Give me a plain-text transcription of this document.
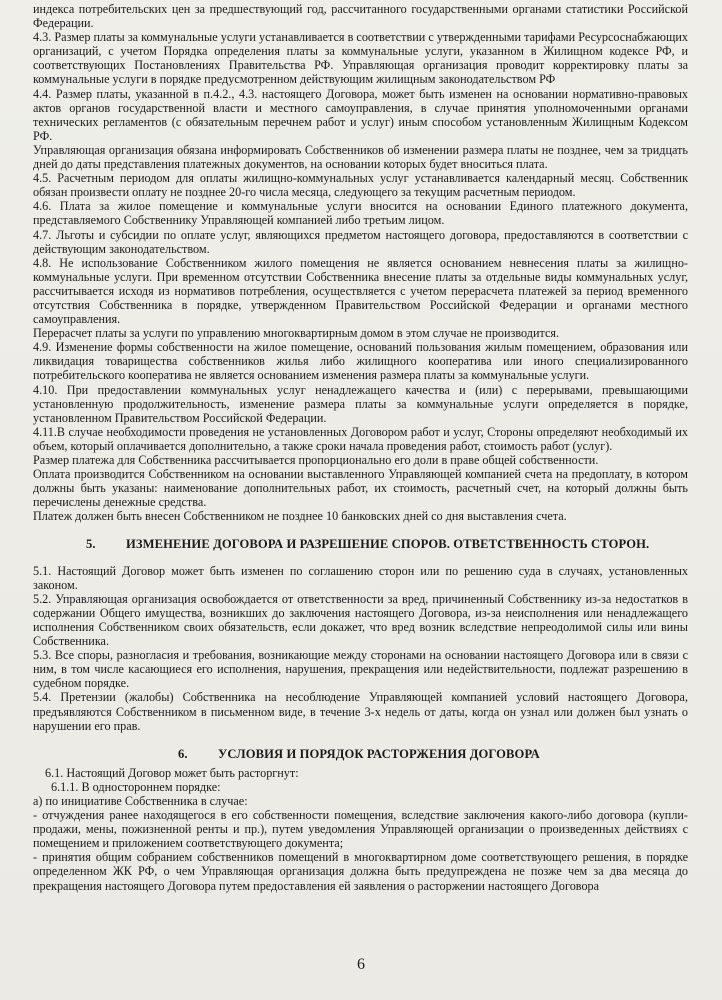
индекса потребительских цен за предшествующий год, рассчитанного государственными органами статистики Российской Федерации.

4.3. Размер платы за коммунальные услуги устанавливается в соответствии с утвержденными тарифами Ресурсоснабжающих организаций, с учетом Порядка определения платы за коммунальные услуги, указанном в Жилищном кодексе РФ, и соответствующих Постановлениях Правительства РФ. Управляющая организация проводит корректировку платы за коммунальные услуги в порядке предусмотренном действующим жилищным законодательством РФ

4.4. Размер платы, указанной в п.4.2., 4.3. настоящего Договора, может быть изменен на основании нормативно-правовых актов органов государственной власти и местного самоуправления, в случае принятия уполномоченными органами технических регламентов (с обязательным перечнем работ и услуг) иным способом установленным Жилищным Кодексом РФ.

Управляющая организация обязана информировать Собственников об изменении размера платы не позднее, чем за тридцать дней до даты представления платежных документов, на основании которых будет вноситься плата.

4.5. Расчетным периодом для оплаты жилищно-коммунальных услуг устанавливается календарный месяц. Собственник обязан произвести оплату не позднее 20-го числа месяца, следующего за текущим расчетным периодом.

4.6. Плата за жилое помещение и коммунальные услуги вносится на основании Единого платежного документа, представляемого Собственнику Управляющей компанией либо третьим лицом.

4.7. Льготы и субсидии по оплате услуг, являющихся предметом настоящего договора, предоставляются в соответствии с действующим законодательством.

4.8. Не использование Собственником жилого помещения не является основанием невнесения платы за жилищно-коммунальные услуги. При временном отсутствии Собственника внесение платы за отдельные виды коммунальных услуг, рассчитывается исходя из нормативов потребления, осуществляется с учетом перерасчета платежей за период временного отсутствия Собственника в порядке, утвержденном Правительством Российской Федерации и органами местного самоуправления.

Перерасчет платы за услуги по управлению многоквартирным домом в этом случае не производится.

4.9. Изменение формы собственности на жилое помещение, оснований пользования жилым помещением, образования или ликвидация товарищества собственников жилья либо жилищного кооператива или иного специализированного потребительского кооператива не является основанием изменения размера платы за коммунальные услуги.

4.10. При предоставлении коммунальных услуг ненадлежащего качества и (или) с перерывами, превышающими установленную продолжительность, изменение размера платы за коммунальные услуги определяется в порядке, установленном Правительством Российской Федерации.

4.11.В случае необходимости проведения не установленных Договором работ и услуг, Стороны определяют необходимый их объем, который оплачивается дополнительно, а также сроки начала проведения работ, стоимость работ (услуг).

Размер платежа для Собственника рассчитывается пропорционально его доли в праве общей собственности.

Оплата производится Собственником на основании выставленного Управляющей компанией счета на предоплату, в котором должны быть указаны: наименование дополнительных работ, их стоимость, расчетный счет, на который должны быть перечислены денежные средства.

Платеж должен быть внесен Собственником не позднее 10 банковских дней со дня выставления счета.

5.	ИЗМЕНЕНИЕ ДОГОВОРА И РАЗРЕШЕНИЕ СПОРОВ. ОТВЕТСТВЕННОСТЬ СТОРОН.

5.1. Настоящий Договор может быть изменен по соглашению сторон или по решению суда в случаях, установленных законом.

5.2. Управляющая организация освобождается от ответственности за вред, причиненный Собственнику из-за недостатков в содержании Общего имущества, возникших до заключения настоящего Договора, из-за неисполнения или ненадлежащего исполнения Собственником своих обязательств, если докажет, что вред возник вследствие непреодолимой силы или вины Собственника.

5.3. Все споры, разногласия и требования, возникающие между сторонами на основании настоящего Договора или в связи с ним, в том числе касающиеся его исполнения, нарушения, прекращения или недействительности, подлежат разрешению в судебном порядке.

5.4. Претензии (жалобы) Собственника на несоблюдение Управляющей компанией условий настоящего Договора, предъявляются Собственником в письменном виде, в течение 3-х недель от даты, когда он узнал или должен был узнать о нарушении его прав.

6.	УСЛОВИЯ И ПОРЯДОК РАСТОРЖЕНИЯ ДОГОВОРА

6.1. Настоящий Договор может быть расторгнут:

6.1.1. В одностороннем порядке:

а) по инициативе Собственника в случае:

- отчуждения ранее находящегося в его собственности помещения, вследствие заключения какого-либо договора (купли-продажи, мены, пожизненной ренты и пр.), путем уведомления Управляющей организации о произведенных действиях с помещением и приложением соответствующего документа;

- принятия общим собранием собственников помещений в многоквартирном доме соответствующего решения, в порядке определенном ЖК РФ, о чем Управляющая организация должна быть предупреждена не позже чем за два месяца до прекращения настоящего Договора путем предоставления ей заявления о расторжении настоящего Договора

6
